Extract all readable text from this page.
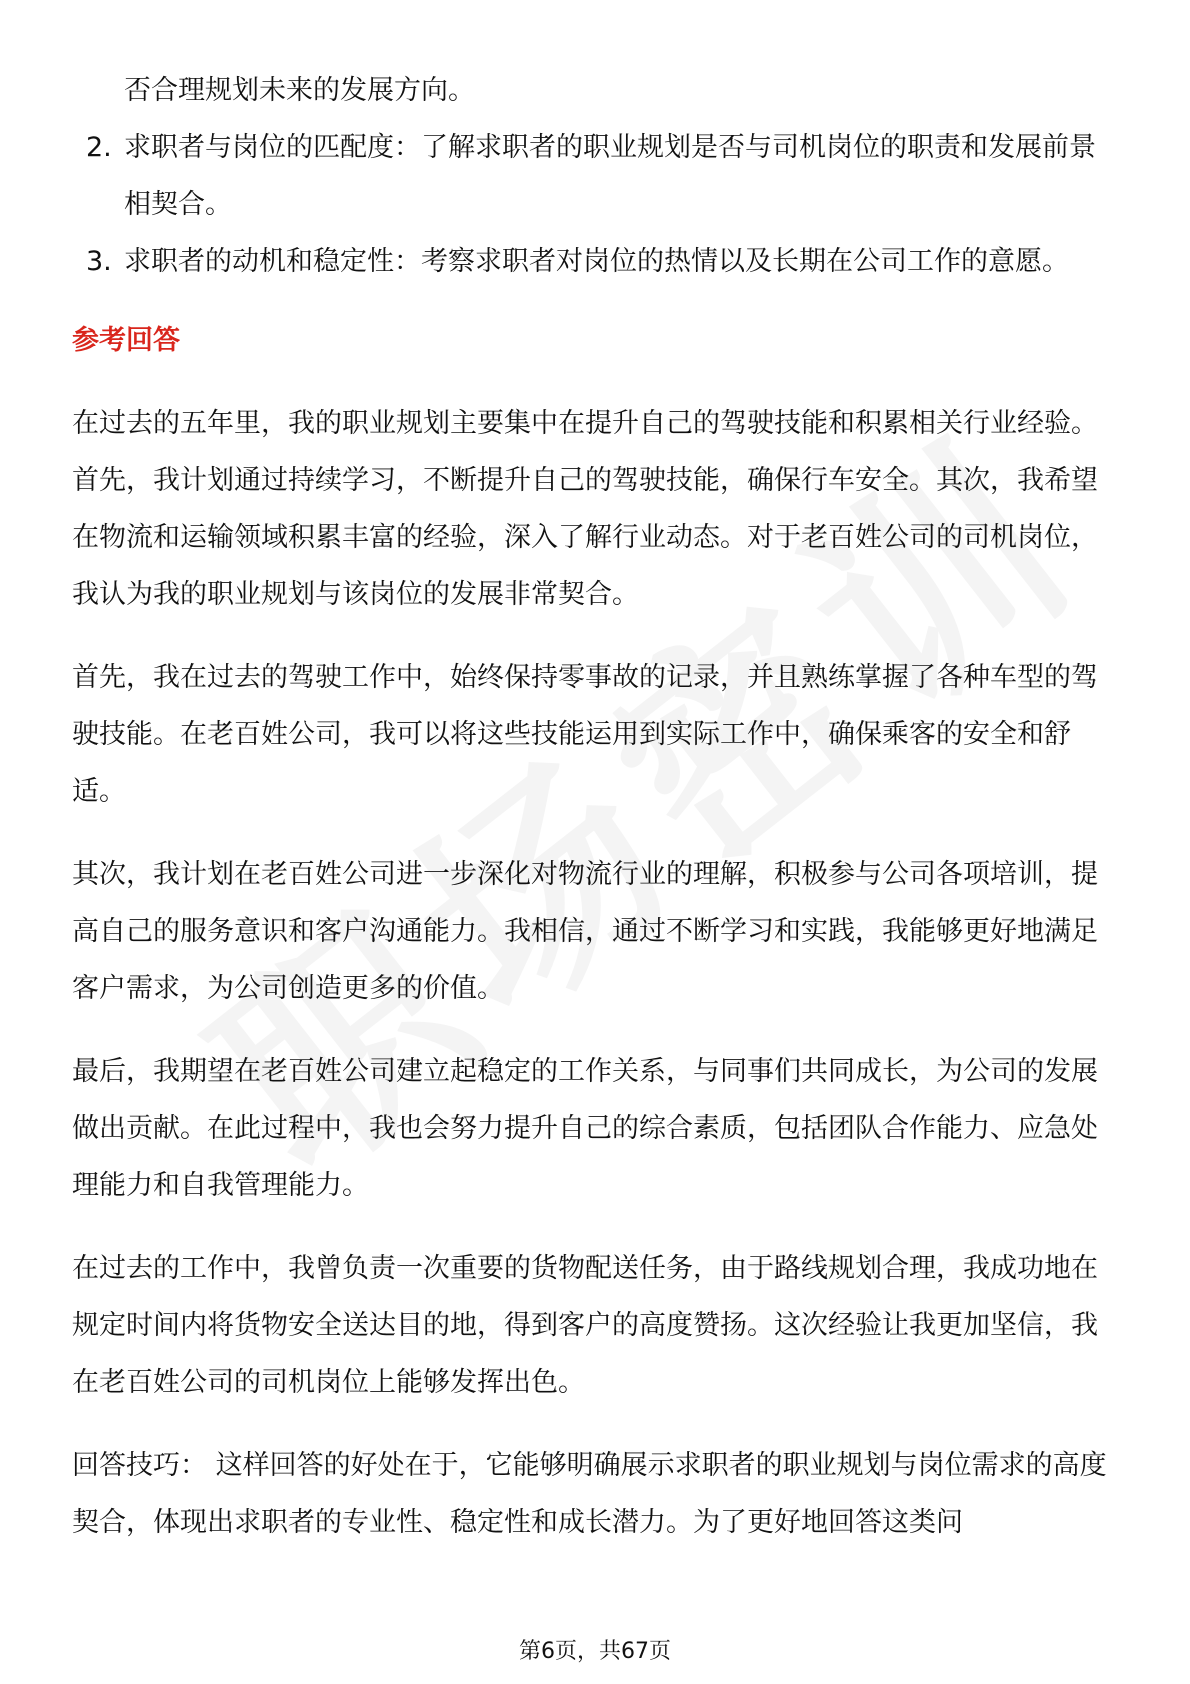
否合理规划未来的发展方向。
2. 求职者与岗位的匹配度：了解求职者的职业规划是否与司机岗位的职责和发展前景相契合。
3. 求职者的动机和稳定性：考察求职者对岗位的热情以及长期在公司工作的意愿。
参考回答

在过去的五年里，我的职业规划主要集中在提升自己的驾驶技能和积累相关行业经验。首先，我计划通过持续学习，不断提升自己的驾驶技能，确保行车安全。其次，我希望在物流和运输领域积累丰富的经验，深入了解行业动态。对于老百姓公司的司机岗位，我认为我的职业规划与该岗位的发展非常契合。

首先，我在过去的驾驶工作中，始终保持零事故的记录，并且熟练掌握了各种车型的驾驶技能。在老百姓公司，我可以将这些技能运用到实际工作中，确保乘客的安全和舒适。

其次，我计划在老百姓公司进一步深化对物流行业的理解，积极参与公司各项培训，提高自己的服务意识和客户沟通能力。我相信，通过不断学习和实践，我能够更好地满足客户需求，为公司创造更多的价值。

最后，我期望在老百姓公司建立起稳定的工作关系，与同事们共同成长，为公司的发展做出贡献。在此过程中，我也会努力提升自己的综合素质，包括团队合作能力、应急处理能力和自我管理能力。

在过去的工作中，我曾负责一次重要的货物配送任务，由于路线规划合理，我成功地在规定时间内将货物安全送达目的地，得到客户的高度赞扬。这次经验让我更加坚信，我在老百姓公司的司机岗位上能够发挥出色。

回答技巧： 这样回答的好处在于，它能够明确展示求职者的职业规划与岗位需求的高度契合，体现出求职者的专业性、稳定性和成长潜力。为了更好地回答这类问

第6页，共67页
